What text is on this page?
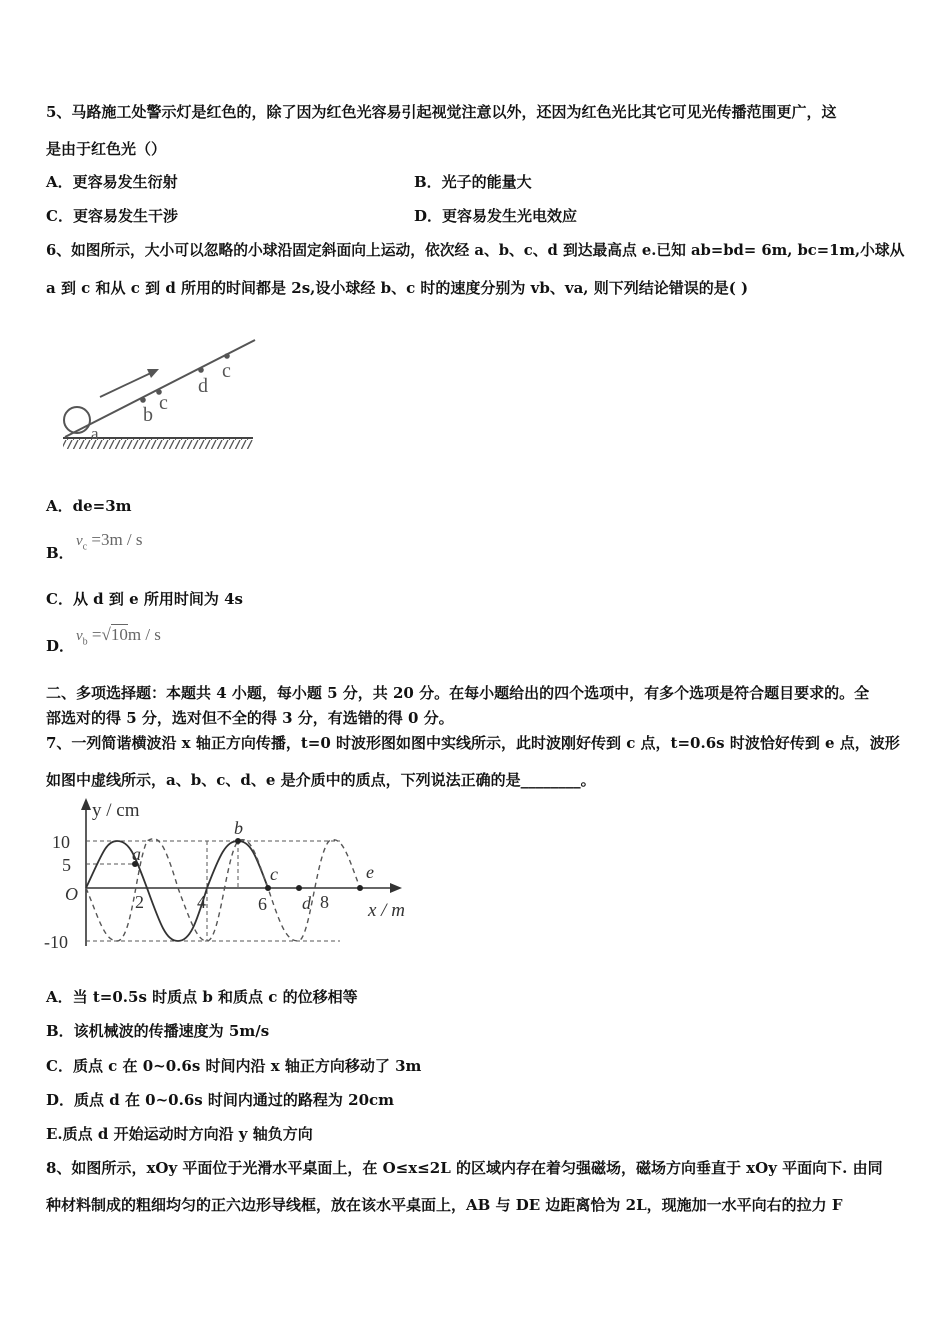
5、马路施工处警示灯是红色的，除了因为红色光容易引起视觉注意以外，还因为红色光比其它可见光传播范围更广，这
是由于红色光（）
A．更容易发生衍射	B．光子的能量大
C．更容易发生干涉	D．更容易发生光电效应
6、如图所示，大小可以忽略的小球沿固定斜面向上运动，依次经 a、b、c、d 到达最高点 e.已知 ab=bd= 6m, bc=1m,小球从
a 到 c 和从 c 到 d 所用的时间都是 2s,设小球经 b、c 时的速度分别为 vb、va, 则下列结论错误的是( )
a
b
c
d
c
A．de=3m
B．
$v_c =3m / s$
C．从 d 到 e 所用时间为 4s
D．
$v_b =√10m / s$
二、多项选择题：本题共 4 小题，每小题 5 分，共 20 分。在每小题给出的四个选项中，有多个选项是符合题目要求的。全
部选对的得 5 分，选对但不全的得 3 分，有选错的得 0 分。
7、一列简谐横波沿 x 轴正方向传播，t=0 时波形图如图中实线所示，此时波刚好传到 c 点，t=0.6s 时波恰好传到 e 点，波形
如图中虚线所示，a、b、c、d、e 是介质中的质点，下列说法正确的是________。
y / cm
x / m
10
5
-10
O	2	4	6	8
a
b
c
d
e
A．当 t=0.5s 时质点 b 和质点 c 的位移相等
B．该机械波的传播速度为 5m/s
C．质点 c 在 0~0.6s 时间内沿 x 轴正方向移动了 3m
D．质点 d 在 0~0.6s 时间内通过的路程为 20cm
E.质点 d 开始运动时方向沿 y 轴负方向
8、如图所示，xOy 平面位于光滑水平桌面上，在 O≤x≤2L 的区域内存在着匀强磁场，磁场方向垂直于 xOy 平面向下. 由同
种材料制成的粗细均匀的正六边形导线框，放在该水平桌面上，AB 与 DE 边距离恰为 2L，现施加一水平向右的拉力 F
